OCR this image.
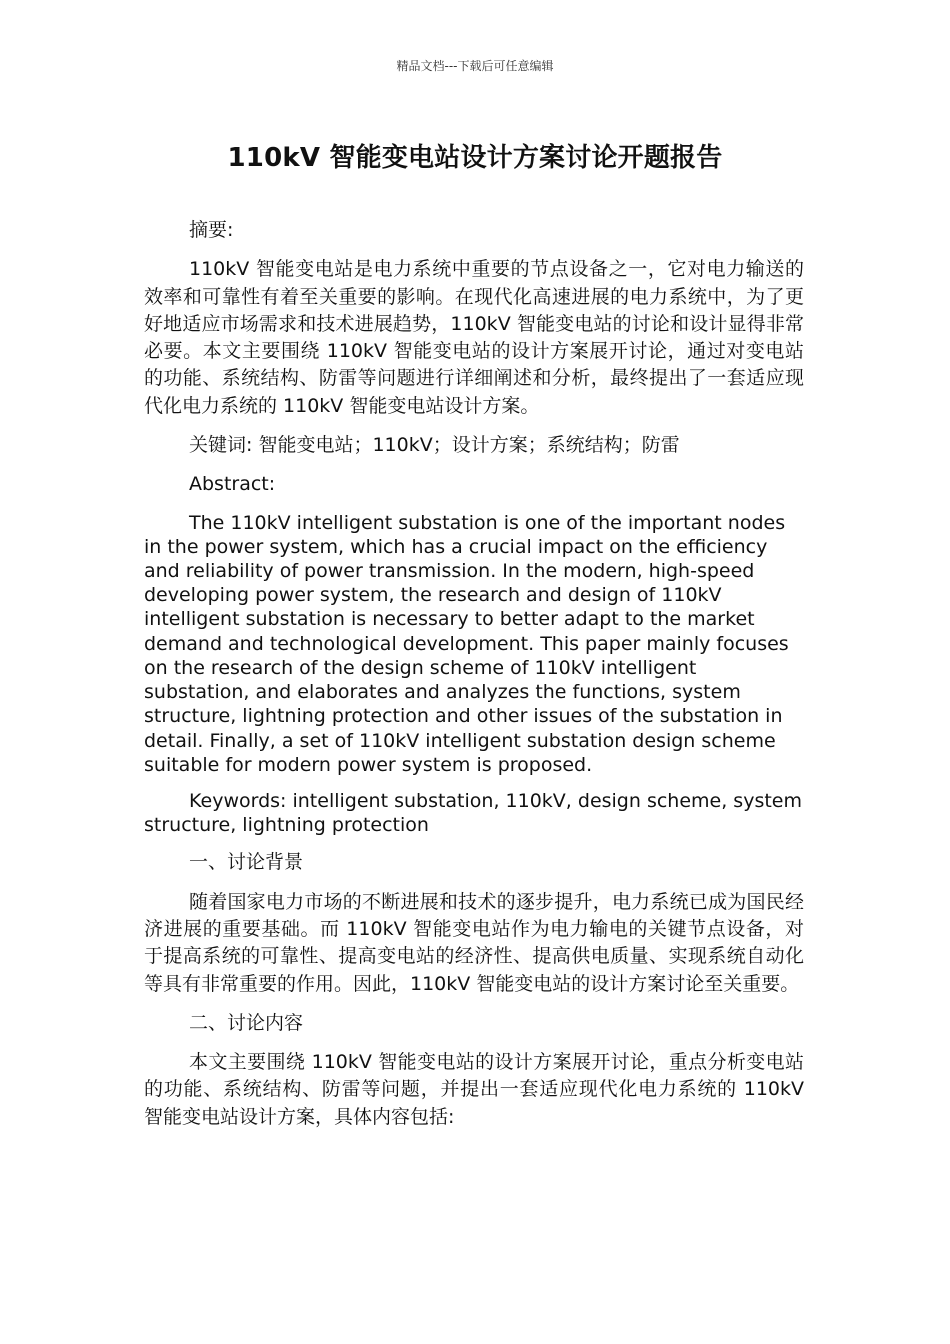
精品文档---下载后可任意编辑
110kV 智能变电站设计方案讨论开题报告

摘要:

110kV 智能变电站是电力系统中重要的节点设备之一，它对电力输送的效率和可靠性有着至关重要的影响。在现代化高速进展的电力系统中，为了更好地适应市场需求和技术进展趋势，110kV 智能变电站的讨论和设计显得非常必要。本文主要围绕 110kV 智能变电站的设计方案展开讨论，通过对变电站的功能、系统结构、防雷等问题进行详细阐述和分析，最终提出了一套适应现代化电力系统的 110kV 智能变电站设计方案。

关键词: 智能变电站；110kV；设计方案；系统结构；防雷

Abstract:

The 110kV intelligent substation is one of the important nodes in the power system, which has a crucial impact on the efficiency and reliability of power transmission. In the modern, high-speed developing power system, the research and design of 110kV intelligent substation is necessary to better adapt to the market demand and technological development. This paper mainly focuses on the research of the design scheme of 110kV intelligent substation, and elaborates and analyzes the functions, system structure, lightning protection and other issues of the substation in detail. Finally, a set of 110kV intelligent substation design scheme suitable for modern power system is proposed.

Keywords: intelligent substation, 110kV, design scheme, system structure, lightning protection

一、讨论背景

随着国家电力市场的不断进展和技术的逐步提升，电力系统已成为国民经济进展的重要基础。而 110kV 智能变电站作为电力输电的关键节点设备，对于提高系统的可靠性、提高变电站的经济性、提高供电质量、实现系统自动化等具有非常重要的作用。因此，110kV 智能变电站的设计方案讨论至关重要。

二、讨论内容

本文主要围绕 110kV 智能变电站的设计方案展开讨论，重点分析变电站的功能、系统结构、防雷等问题，并提出一套适应现代化电力系统的 110kV 智能变电站设计方案，具体内容包括:
